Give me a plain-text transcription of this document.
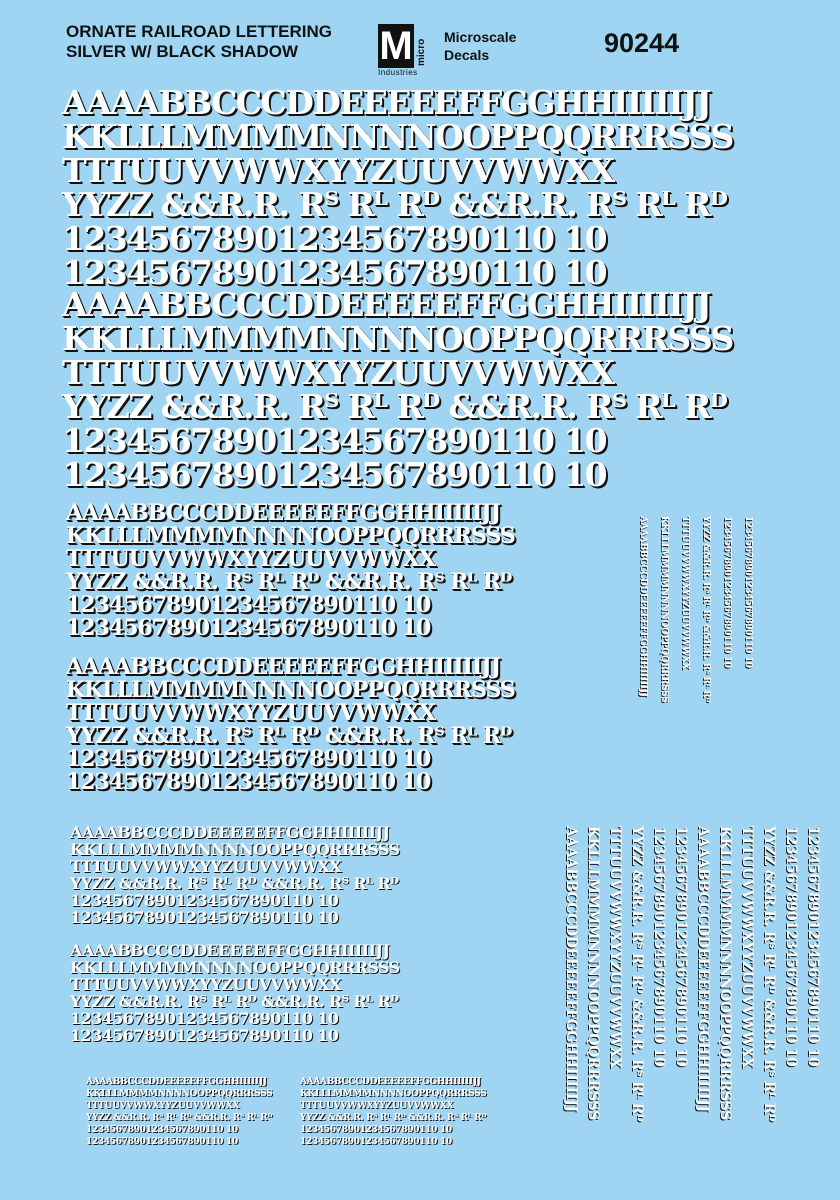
ORNATE RAILROAD LETTERING
SILVER W/ BLACK SHADOW	M micro
Industries
Microscale
Decals	90244
AAAABBCCCDDEEEEEFFGGHHIIIIIJJ
KKLLLMMMMNNNNOOPPQQRRRSSS
TTTUUVVWWXYYZUUVVWWXX
YYZZ &&R.R. Rᵀ Rᴸ Rᴰ &&R.R. Rᵀ Rᴸ Rᴰ
12345678901234567890110 10
12345678901234567890110 10
AAAABBCCCDDEEEEEFFGGHHIIIIIJJ
KKLLLMMMMNNNNOOPPQQRRRSSS
TTTUUVVWWXYYZUUVVWWXX
YYZZ &&R.R. Rᵀ Rᴸ Rᴰ &&R.R. Rᵀ Rᴸ Rᴰ
12345678901234567890110 10
12345678901234567890110 10
AAAABBCCCDDEEEEEFFGGHHIIIIIJJ
KKLLLMMMMNNNNOOPPQQRRRSSS
TTTUUVVWWXYYZUUVVWWXX
YYZZ &&R.R. Rᵀ Rᴸ Rᴰ &&R.R. Rᵀ Rᴸ Rᴰ
12345678901234567890110 10
12345678901234567890110 10
AAAABBCCCDDEEEEEFFGGHHIIIIIJJ
KKLLLMMMMNNNNOOPPQQRRRSSS
TTTUUVVWWXYYZUUVVWWXX
YYZZ &&R.R. Rᵀ Rᴸ Rᴰ &&R.R. Rᵀ Rᴸ Rᴰ
12345678901234567890110 10
12345678901234567890110 10
AAAABBCCCDDEEEEEFFGGHHIIIIIJJ
KKLLLMMMMNNNNOOPPQQRRRSSS
TTTUUVVWWXYYZUUVVWWXX
YYZZ &&R.R. Rᵀ Rᴸ Rᴰ &&R.R. Rᵀ Rᴸ Rᴰ
12345678901234567890110 10
12345678901234567890110 10
AAAABBCCCDDEEEEEFFGGHHIIIIIJJ
KKLLLMMMMNNNNOOPPQQRRRSSS
TTTUUVVWWXYYZUUVVWWXX
YYZZ &&R.R. Rᵀ Rᴸ Rᴰ &&R.R. Rᵀ Rᴸ Rᴰ
12345678901234567890110 10
12345678901234567890110 10
AAAABBCCCDDEEEEEFFGGHHIIIIIJJ
KKLLLMMMMNNNNOOPPQQRRRSSS
TTTUUVVWWXYYZUUVVWWXX
YYZZ &&R.R. Rᵀ Rᴸ Rᴰ &&R.R. Rᵀ Rᴸ Rᴰ
12345678901234567890110 10
12345678901234567890110 10
AAAABBCCCDDEEEEEFFGGHHIIIIIJJ
KKLLLMMMMNNNNOOPPQQRRRSSS
TTTUUVVWWXYYZUUVVWWXX
YYZZ &&R.R. Rᵀ Rᴸ Rᴰ &&R.R. Rᵀ Rᴸ Rᴰ
12345678901234567890110 10
12345678901234567890110 10
12345678901234567890110 10
12345678901234567890110 10
YYZZ &&R.R. Rᵀ Rᴸ Rᴰ &&R.R. Rᵀ Rᴸ Rᴰ
TTTUUVVWWXYYZUUVVWWXX
KKLLLMMMMNNNNOOPPQQRRRSSS
AAAABBCCCDDEEEEEFFGGHHIIIIIJJ
12345678901234567890110 10
12345678901234567890110 10
YYZZ &&R.R. Rᵀ Rᴸ Rᴰ &&R.R. Rᵀ Rᴸ Rᴰ
TTTUUVVWWXYYZUUVVWWXX
KKLLLMMMMNNNNOOPPQQRRRSSS
AAAABBCCCDDEEEEEFFGGHHIIIIIJJ
12345678901234567890110 10
12345678901234567890110 10
YYZZ &&R.R. Rᵀ Rᴸ Rᴰ &&R.R. Rᵀ Rᴸ Rᴰ
TTTUUVVWWXYYZUUVVWWXX
KKLLLMMMMNNNNOOPPQQRRRSSS
AAAABBCCCDDEEEEEFFGGHHIIIIIJJ
